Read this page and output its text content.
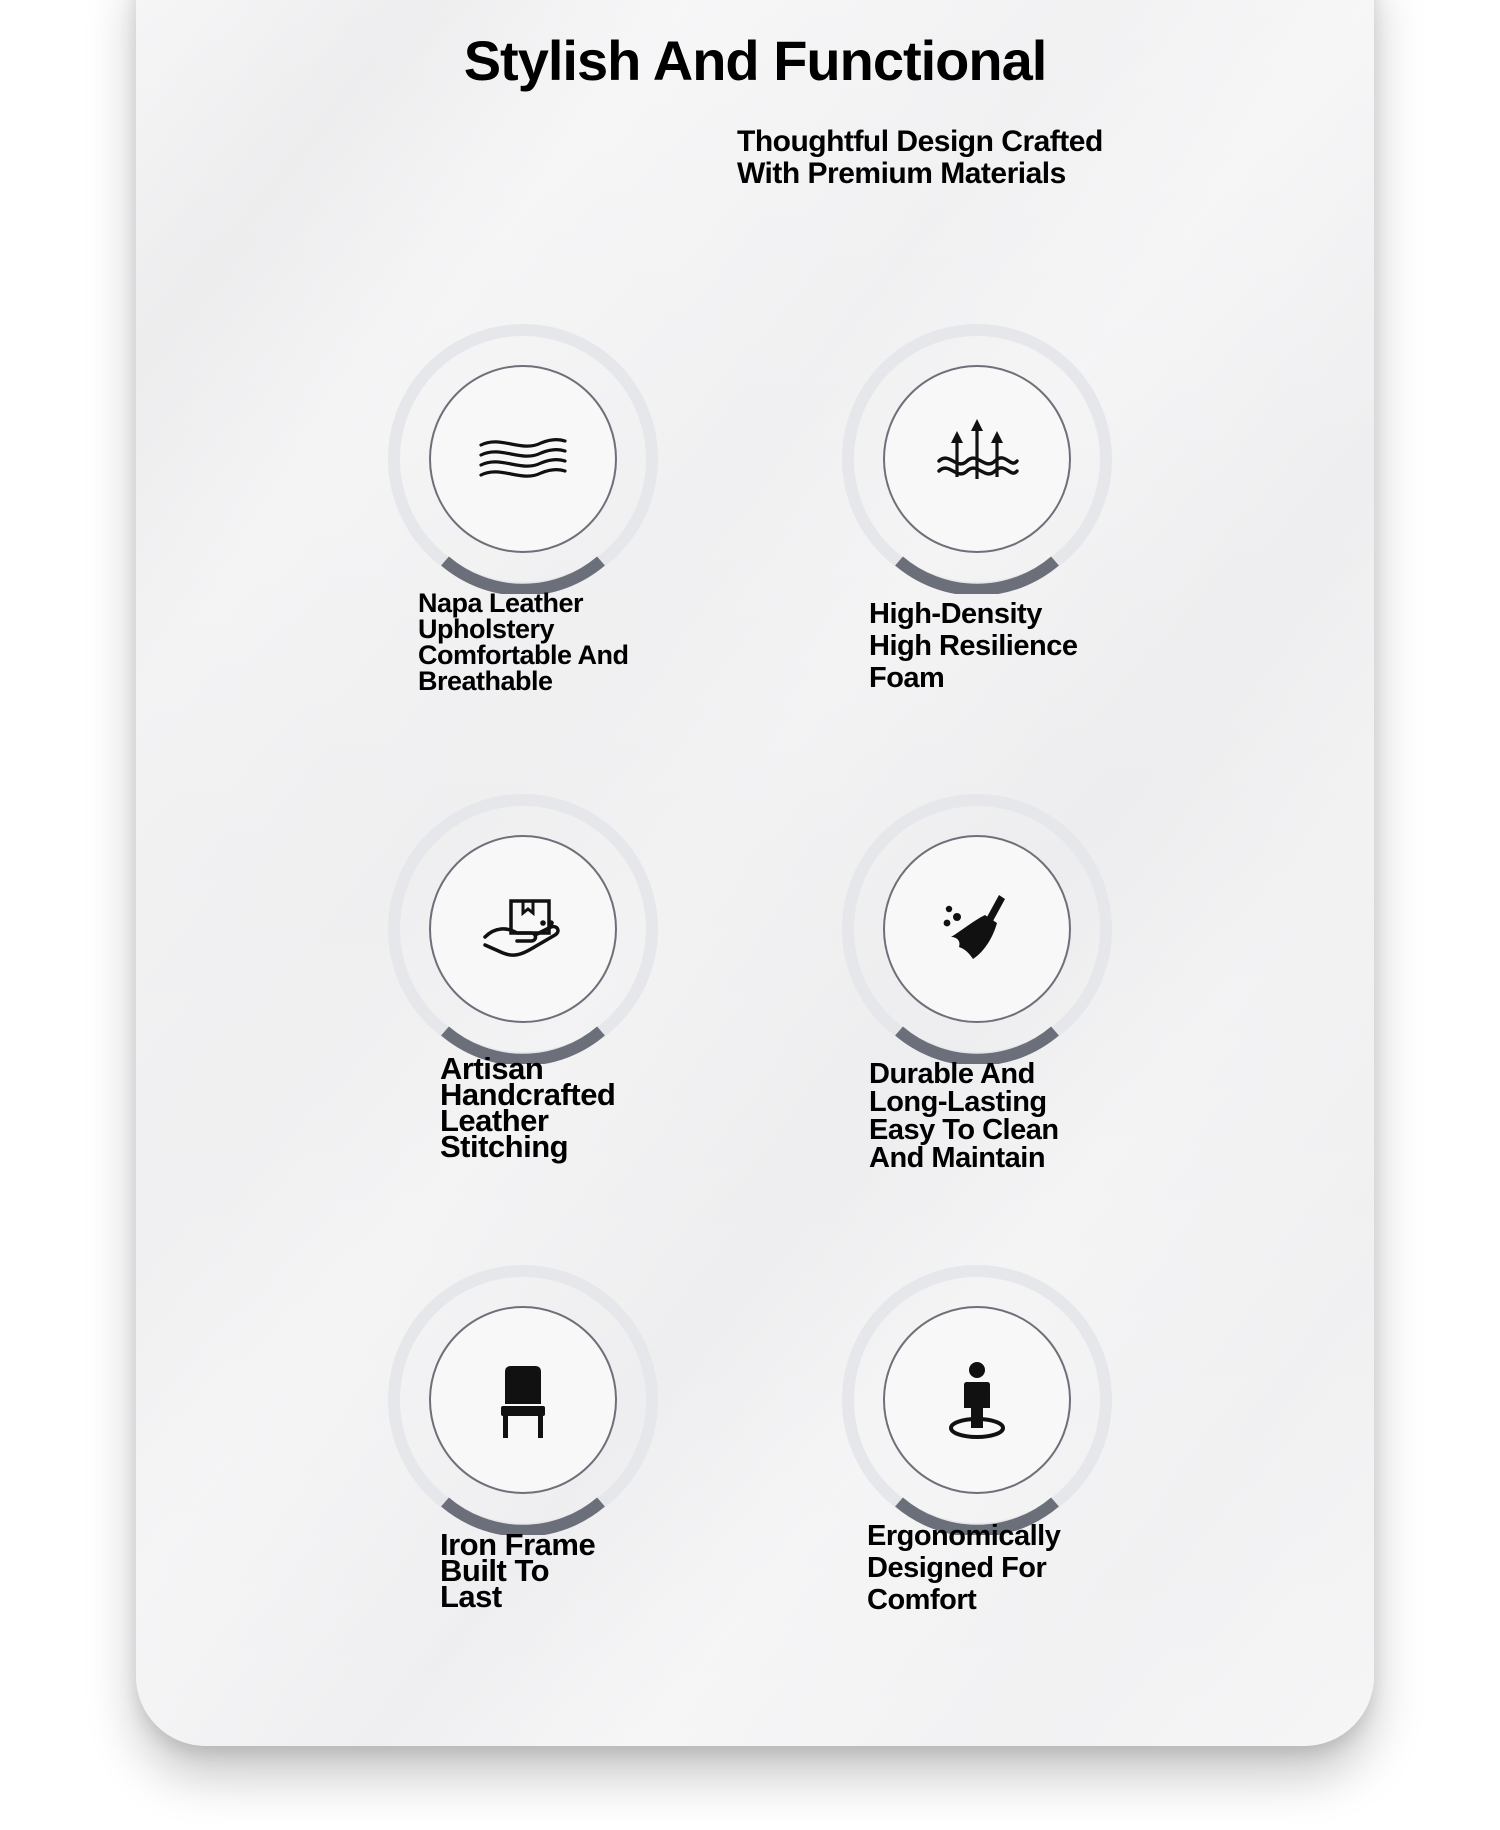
Stylish And Functional
Thoughtful Design Crafted
With Premium Materials
Napa Leather
Upholstery
Comfortable And
Breathable
High-Density
High Resilience
Foam
Artisan
Handcrafted
Leather
Stitching
Durable And
Long-Lasting
Easy To Clean
And Maintain
Iron Frame
Built To
Last
Ergonomically
Designed For
Comfort
